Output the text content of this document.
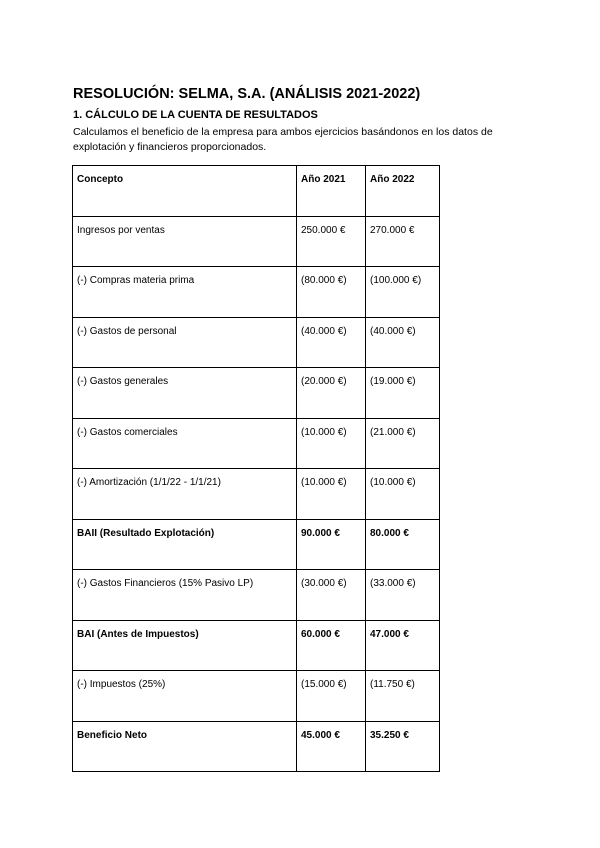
RESOLUCIÓN: SELMA, S.A. (ANÁLISIS 2021-2022)
1. CÁLCULO DE LA CUENTA DE RESULTADOS
Calculamos el beneficio de la empresa para ambos ejercicios basándonos en los datos de explotación y financieros proporcionados.
Concepto	Año 2021	Año 2022
Ingresos por ventas	250.000 €	270.000 €
(-) Compras materia prima	(80.000 €)	(100.000 €)
(-) Gastos de personal	(40.000 €)	(40.000 €)
(-) Gastos generales	(20.000 €)	(19.000 €)
(-) Gastos comerciales	(10.000 €)	(21.000 €)
(-) Amortización (1/1/22 - 1/1/21)	(10.000 €)	(10.000 €)
BAII (Resultado Explotación)	90.000 €	80.000 €
(-) Gastos Financieros (15% Pasivo LP)	(30.000 €)	(33.000 €)
BAI (Antes de Impuestos)	60.000 €	47.000 €
(-) Impuestos (25%)	(15.000 €)	(11.750 €)
Beneficio Neto	45.000 €	35.250 €
